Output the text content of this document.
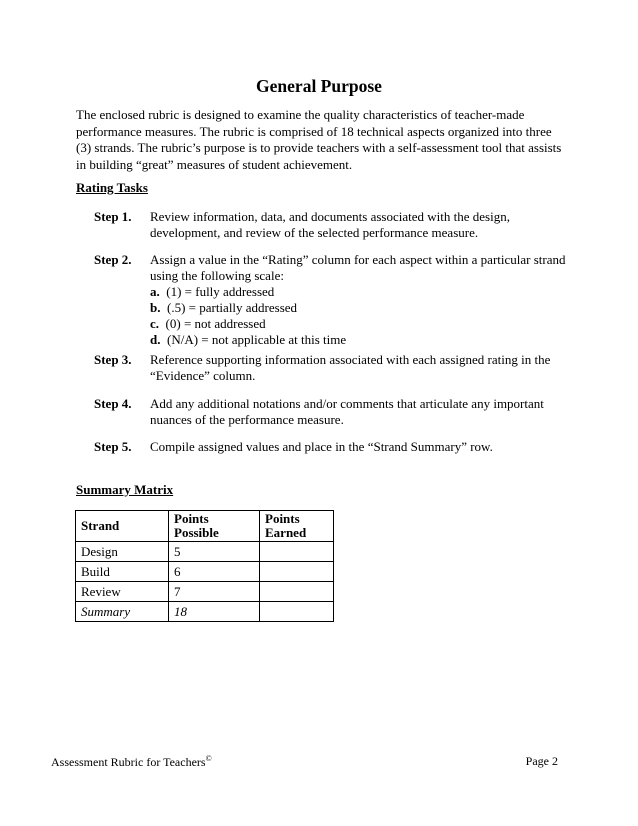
General Purpose
The enclosed rubric is designed to examine the quality characteristics of teacher-made performance measures. The rubric is comprised of 18 technical aspects organized into three (3) strands. The rubric’s purpose is to provide teachers with a self-assessment tool that assists in building “great” measures of student achievement.
Rating Tasks
Step 1. Review information, data, and documents associated with the design, development, and review of the selected performance measure.
Step 2. Assign a value in the “Rating” column for each aspect within a particular strand using the following scale:
a. (1) = fully addressed
b. (.5) = partially addressed
c. (0) = not addressed
d. (N/A) = not applicable at this time
Step 3. Reference supporting information associated with each assigned rating in the “Evidence” column.
Step 4. Add any additional notations and/or comments that articulate any important nuances of the performance measure.
Step 5. Compile assigned values and place in the “Strand Summary” row.
Summary Matrix
Strand	Points Possible	Points Earned
Design	5	
Build	6	
Review	7	
Summary	18	
Assessment Rubric for Teachers©	Page 2
